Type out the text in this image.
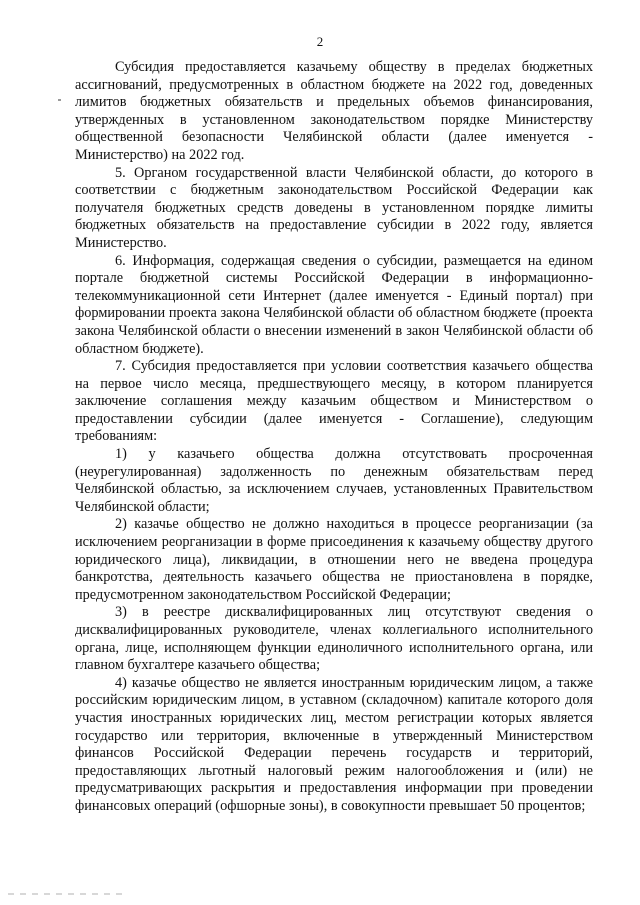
2

Субсидия предоставляется казачьему обществу в пределах бюджетных ассигнований, предусмотренных в областном бюджете на 2022 год, доведенных лимитов бюджетных обязательств и предельных объемов финансирования, утвержденных в установленном законодательством порядке Министерству общественной безопасности Челябинской области (далее именуется - Министерство) на 2022 год.

5. Органом государственной власти Челябинской области, до которого в соответствии с бюджетным законодательством Российской Федерации как получателя бюджетных средств доведены в установленном порядке лимиты бюджетных обязательств на предоставление субсидии в 2022 году, является Министерство.

6. Информация, содержащая сведения о субсидии, размещается на едином портале бюджетной системы Российской Федерации в информационно-телекоммуникационной сети Интернет (далее именуется - Единый портал) при формировании проекта закона Челябинской области об областном бюджете (проекта закона Челябинской области о внесении изменений в закон Челябинской области об областном бюджете).

7. Субсидия предоставляется при условии соответствия казачьего общества на первое число месяца, предшествующего месяцу, в котором планируется заключение соглашения между казачьим обществом и Министерством о предоставлении субсидии (далее именуется - Соглашение), следующим требованиям:

1) у казачьего общества должна отсутствовать просроченная (неурегулированная) задолженность по денежным обязательствам перед Челябинской областью, за исключением случаев, установленных Правительством Челябинской области;

2) казачье общество не должно находиться в процессе реорганизации (за исключением реорганизации в форме присоединения к казачьему обществу другого юридического лица), ликвидации, в отношении него не введена процедура банкротства, деятельность казачьего общества не приостановлена в порядке, предусмотренном законодательством Российской Федерации;

3) в реестре дисквалифицированных лиц отсутствуют сведения о дисквалифицированных руководителе, членах коллегиального исполнительного органа, лице, исполняющем функции единоличного исполнительного органа, или главном бухгалтере казачьего общества;

4) казачье общество не является иностранным юридическим лицом, а также российским юридическим лицом, в уставном (складочном) капитале которого доля участия иностранных юридических лиц, местом регистрации которых является государство или территория, включенные в утвержденный Министерством финансов Российской Федерации перечень государств и территорий, предоставляющих льготный налоговый режим налогообложения и (или) не предусматривающих раскрытия и предоставления информации при проведении финансовых операций (офшорные зоны), в совокупности превышает 50 процентов;
